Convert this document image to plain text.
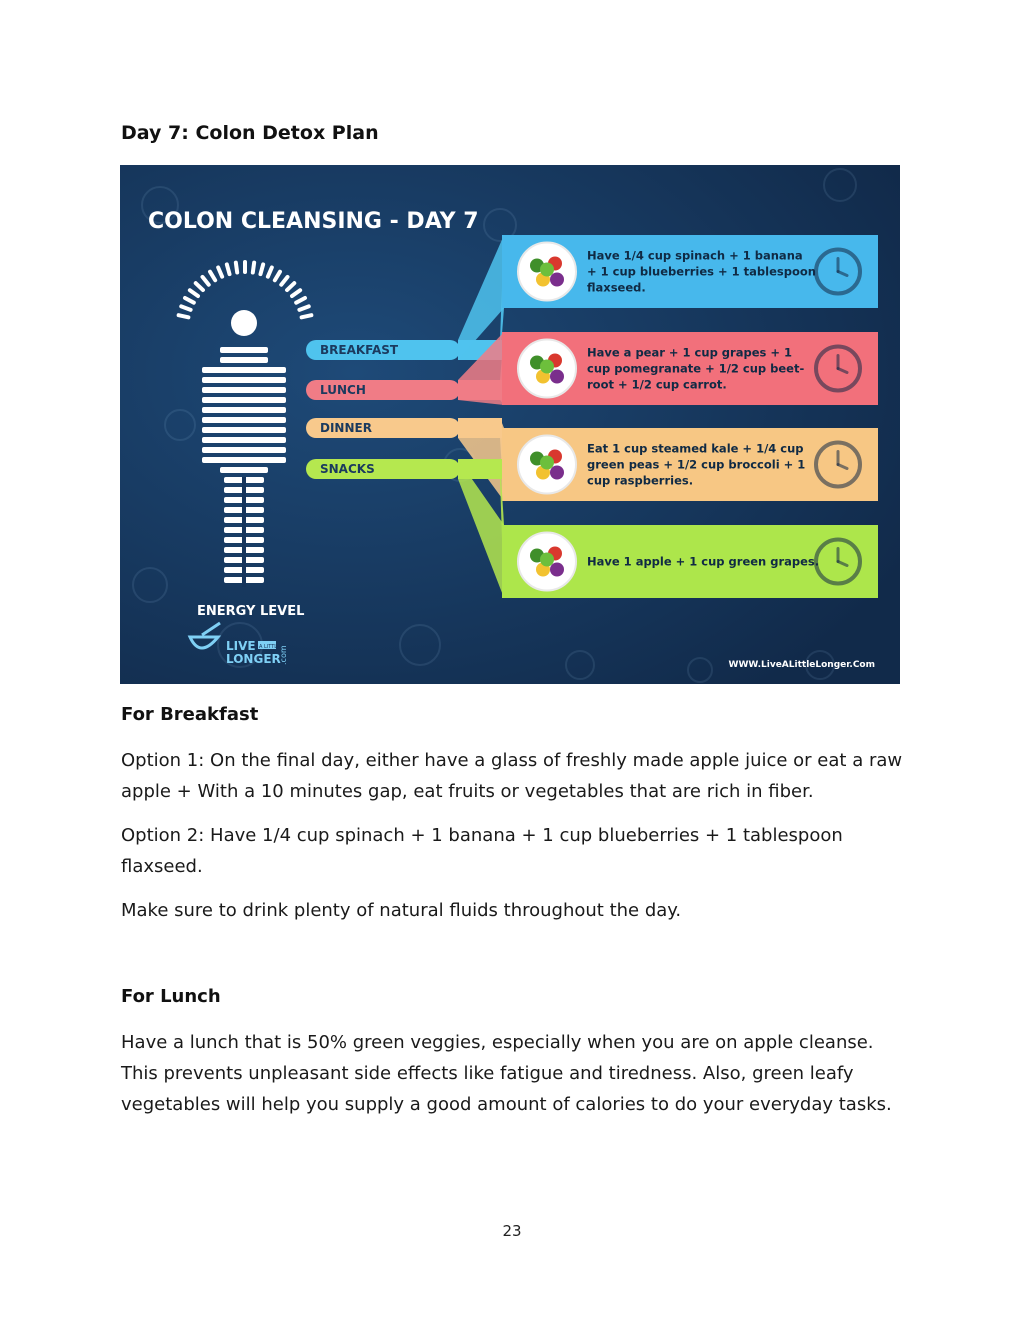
Day 7: Colon Detox Plan
COLON CLEANSING - DAY 7
ENERGY LEVEL
LIVE A LITTLE
LONGER
.com	WWW.LiveALittleLonger.Com
BREAKFAST
Have 1/4 cup spinach + 1 banana
+ 1 cup blueberries + 1 tablespoon
flaxseed.
LUNCH
Have a pear + 1 cup grapes + 1
cup pomegranate + 1/2 cup beet-
root + 1/2 cup carrot.
DINNER
Eat 1 cup steamed kale + 1/4 cup
green peas + 1/2 cup broccoli + 1
cup raspberries.
SNACKS
Have 1 apple + 1 cup green grapes.
For Breakfast
Option 1: On the final day, either have a glass of freshly made apple juice or eat a raw apple + With a 10 minutes gap, eat fruits or vegetables that are rich in fiber.
Option 2: Have 1/4 cup spinach + 1 banana + 1 cup blueberries + 1 tablespoon flaxseed.
Make sure to drink plenty of natural fluids throughout the day.
For Lunch
Have a lunch that is 50% green veggies, especially when you are on apple cleanse. This prevents unpleasant side effects like fatigue and tiredness. Also, green leafy vegetables will help you supply a good amount of calories to do your everyday tasks.
23
